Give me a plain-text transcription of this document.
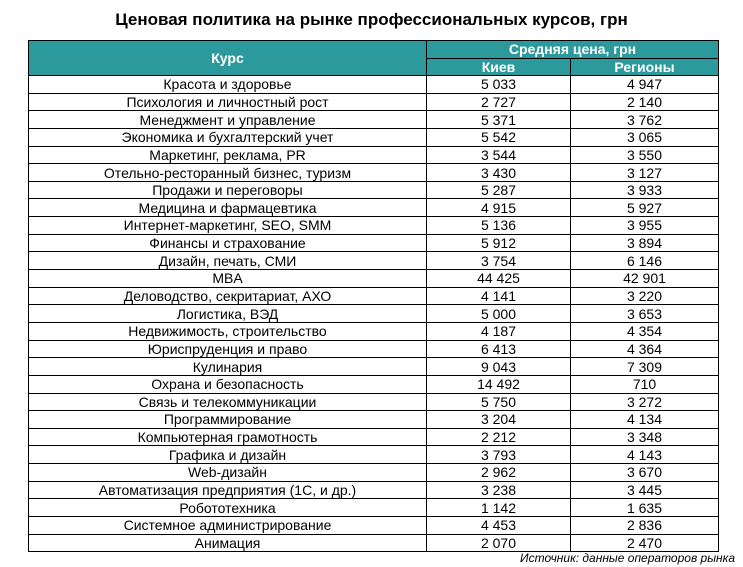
Ценовая политика на рынке профессиональных курсов, грн
Курс	Средняя цена, грн	
	Киев	Регионы
Красота и здоровье	5 033	4 947
Психология и личностный рост	2 727	2 140
Менеджмент и управление	5 371	3 762
Экономика и бухгалтерский учет	5 542	3 065
Маркетинг, реклама, PR	3 544	3 550
Отельно-ресторанный бизнес, туризм	3 430	3 127
Продажи и переговоры	5 287	3 933
Медицина и фармацевтика	4 915	5 927
Интернет-маркетинг, SEO, SMM	5 136	3 955
Финансы и страхование	5 912	3 894
Дизайн, печать, СМИ	3 754	6 146
MBA	44 425	42 901
Деловодство, секритариат, АХО	4 141	3 220
Логистика, ВЭД	5 000	3 653
Недвижимость, строительство	4 187	4 354
Юриспруденция и право	6 413	4 364
Кулинария	9 043	7 309
Охрана и безопасность	14 492	710
Связь и телекоммуникации	5 750	3 272
Программирование	3 204	4 134
Компьютерная грамотность	2 212	3 348
Графика и дизайн	3 793	4 143
Web-дизайн	2 962	3 670
Автоматизация предприятия (1С, и др.)	3 238	3 445
Робототехника	1 142	1 635
Системное администрирование	4 453	2 836
Анимация	2 070	2 470
Источник: данные операторов рынка
